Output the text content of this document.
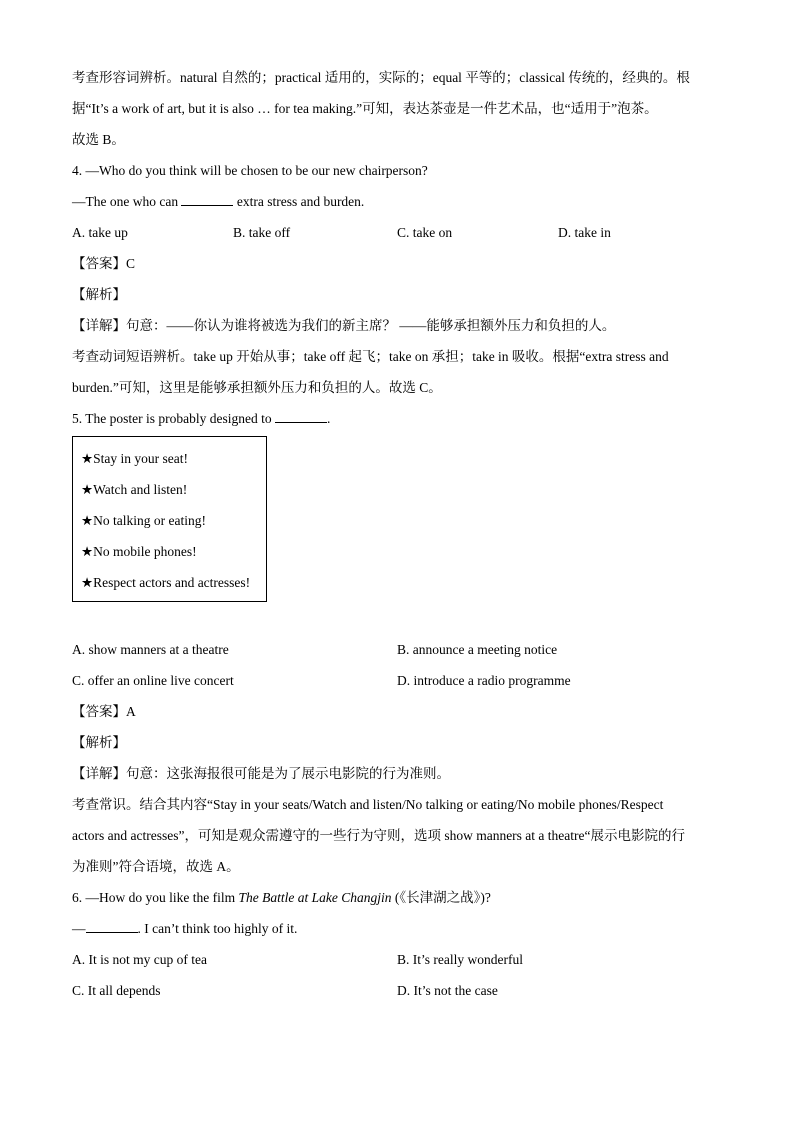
考查形容词辨析。natural 自然的；practical 适用的，实际的；equal 平等的；classical 传统的，经典的。根
据“It’s a work of art, but it is also … for tea making.”可知，表达茶壶是一件艺术品，也“适用于”泡茶。
故选 B。
4. —Who do you think will be chosen to be our new chairperson?
—The one who can	extra stress and burden.
A. take up	B. take off	C. take on	D. take in
【答案】C
【解析】
【详解】句意：——你认为谁将被选为我们的新主席？ ——能够承担额外压力和负担的人。
考查动词短语辨析。take up 开始从事；take off 起飞；take on 承担；take in 吸收。根据“extra stress and
burden.”可知，这里是能够承担额外压力和负担的人。故选 C。
5. The poster is probably designed to	.
★Stay in your seat!
★Watch and listen!
★No talking or eating!
★No mobile phones!
★Respect actors and actresses!
A. show manners at a theatre	B. announce a meeting notice
C. offer an online live concert	D. introduce a radio programme
【答案】A
【解析】
【详解】句意：这张海报很可能是为了展示电影院的行为准则。
考查常识。结合其内容“Stay in your seats/Watch and listen/No talking or eating/No mobile phones/Respect
actors and actresses”，可知是观众需遵守的一些行为守则，选项 show manners at a theatre“展示电影院的行
为准则”符合语境，故选 A。
6. —How do you like the film The Battle at Lake Changjin (《长津湖之战》)?
—	. I can’t think too highly of it.
A. It is not my cup of tea	B. It’s really wonderful
C. It all depends	D. It’s not the case
